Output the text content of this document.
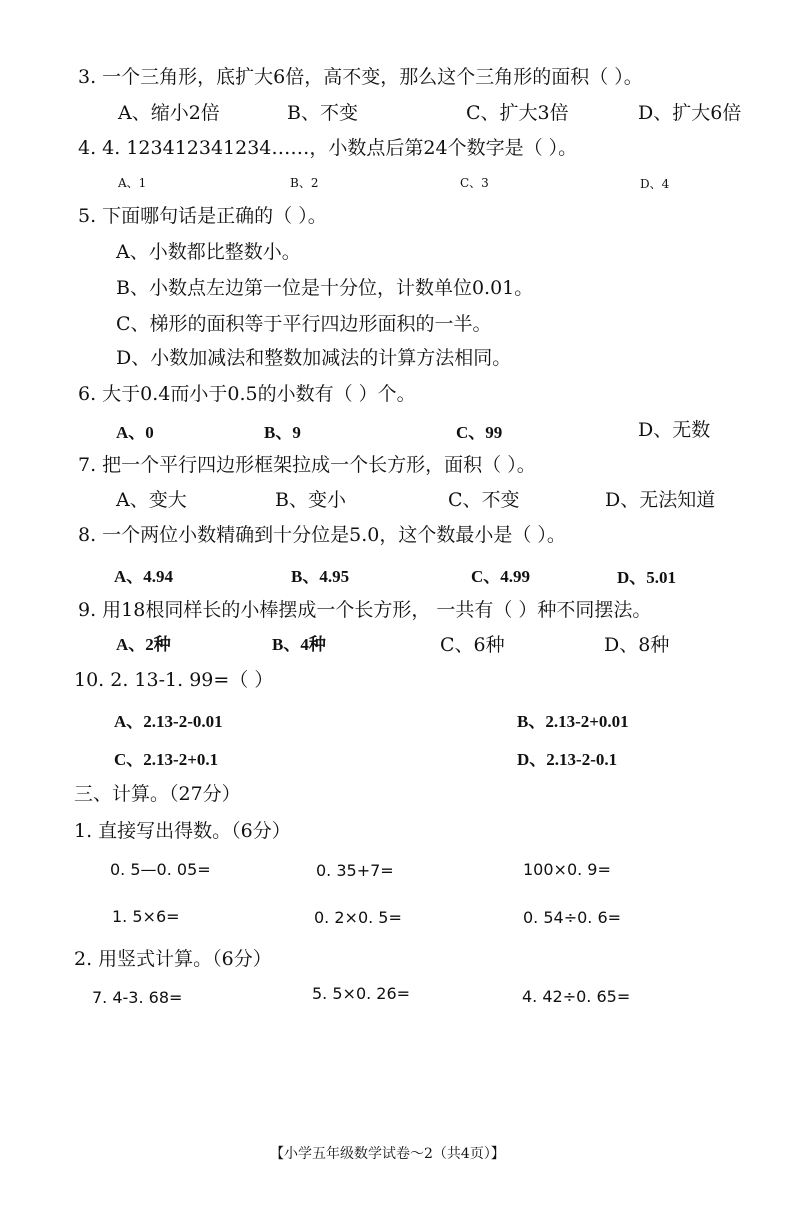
3. 一个三角形，底扩大6倍，高不变，那么这个三角形的面积（ ）。
A、缩小2倍	B、不变	C、扩大3倍	D、扩大6倍
4. 4. 123412341234……，小数点后第24个数字是（ ）。
A、1	B、2	C、3	D、4
5. 下面哪句话是正确的（ ）。
A、小数都比整数小。
B、小数点左边第一位是十分位，计数单位0.01。
C、梯形的面积等于平行四边形面积的一半。
D、小数加减法和整数加减法的计算方法相同。
6. 大于0.4而小于0.5的小数有（ ）个。
A、0	B、9	C、99	D、无数
7. 把一个平行四边形框架拉成一个长方形，面积（ ）。
A、变大	B、变小	C、不变	D、无法知道
8. 一个两位小数精确到十分位是5.0，这个数最小是（ ）。
A、4.94	B、4.95	C、4.99	D、5.01
9. 用18根同样长的小棒摆成一个长方形， 一共有（ ）种不同摆法。
A、2种	B、4种	C、6种	D、8种
10. 2. 13-1. 99=（ ）
A、2.13-2-0.01	B、2.13-2+0.01
C、2.13-2+0.1	D、2.13-2-0.1
三、计算。（27分）
1. 直接写出得数。（6分）
0. 5—0. 05=	0. 35+7=	100×0. 9=
1. 5×6=	0. 2×0. 5=	0. 54÷0. 6=
2. 用竖式计算。（6分）
7. 4-3. 68=	5. 5×0. 26=	4. 42÷0. 65=
【小学五年级数学试卷～2（共4页）】
